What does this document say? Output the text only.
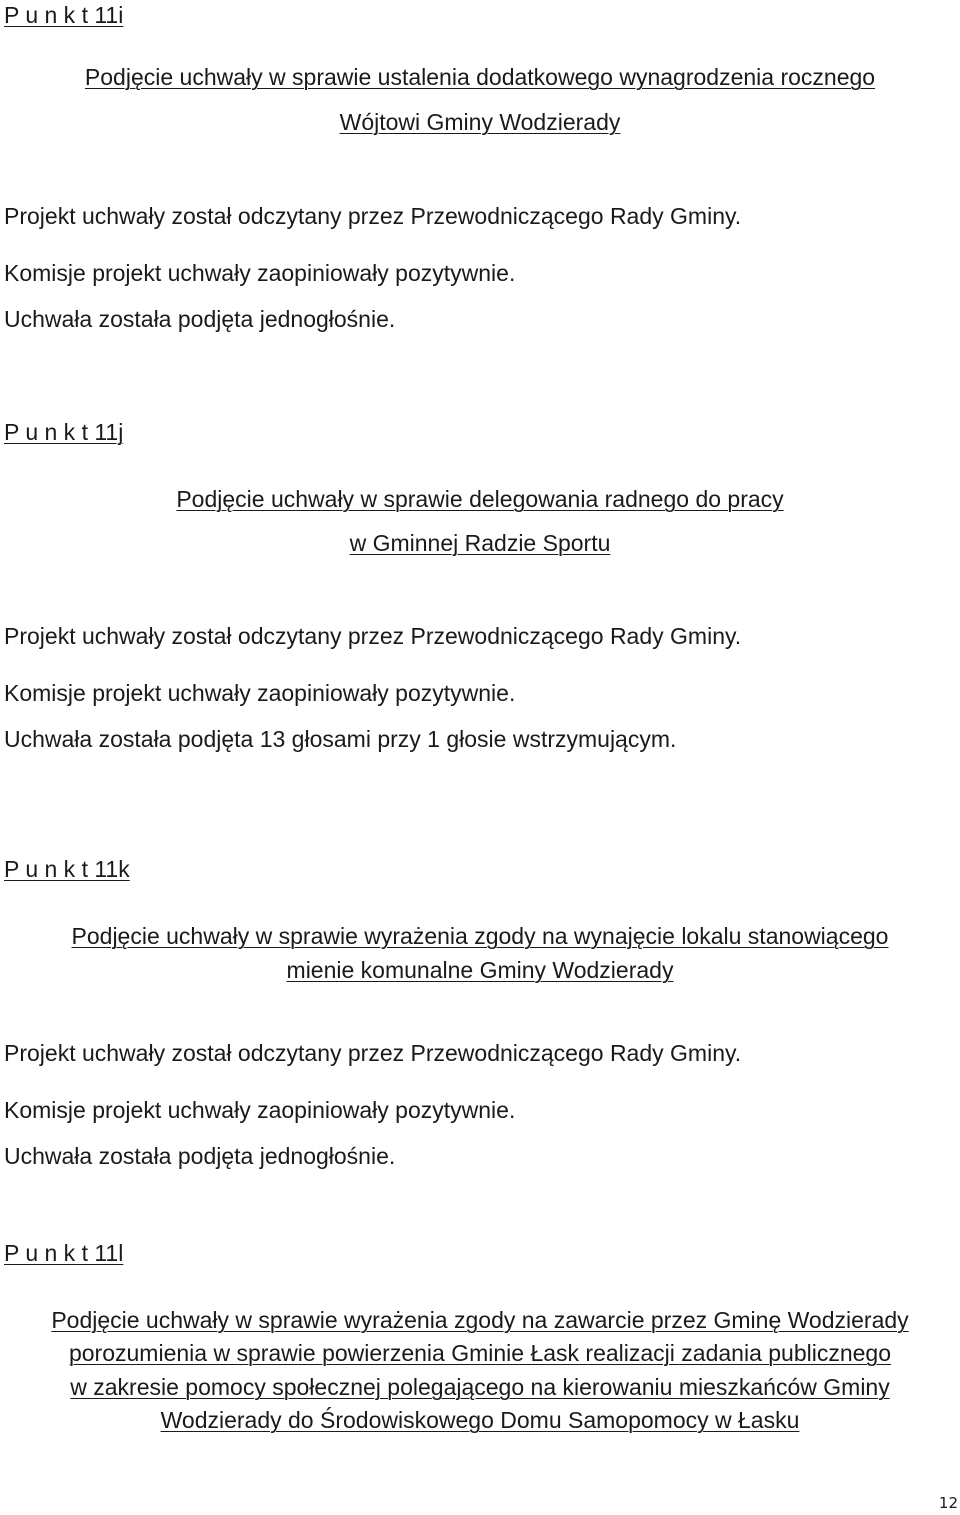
P u n k t 11i
Podjęcie uchwały w sprawie ustalenia dodatkowego wynagrodzenia rocznego
Wójtowi Gminy Wodzierady
Projekt uchwały został odczytany przez Przewodniczącego Rady Gminy.
Komisje projekt uchwały zaopiniowały pozytywnie.
Uchwała została podjęta jednogłośnie.
P u n k t 11j
Podjęcie uchwały w sprawie delegowania radnego do pracy
w Gminnej Radzie Sportu
Projekt uchwały został odczytany przez Przewodniczącego Rady Gminy.
Komisje projekt uchwały zaopiniowały pozytywnie.
Uchwała została podjęta 13 głosami przy 1 głosie wstrzymującym.
P u n k t 11k
Podjęcie uchwały w sprawie wyrażenia zgody na wynajęcie lokalu stanowiącego
mienie komunalne Gminy Wodzierady
Projekt uchwały został odczytany przez Przewodniczącego Rady Gminy.
Komisje projekt uchwały zaopiniowały pozytywnie.
Uchwała została podjęta jednogłośnie.
P u n k t 11l
Podjęcie uchwały w sprawie wyrażenia zgody na zawarcie przez Gminę Wodzierady
porozumienia w sprawie powierzenia Gminie Łask realizacji zadania publicznego
w zakresie pomocy społecznej polegającego na kierowaniu mieszkańców Gminy
Wodzierady do Środowiskowego Domu Samopomocy w Łasku
12
